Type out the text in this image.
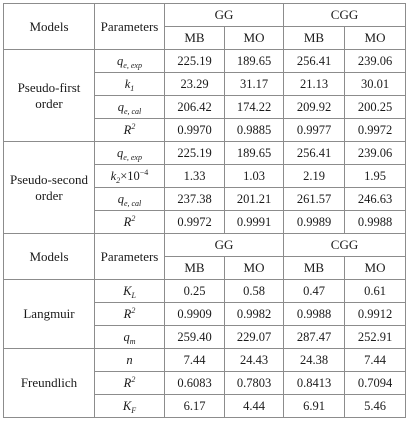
Models	Parameters	GG		CGG	
		MB	MO	MB	MO
Pseudo-first order	$q_{e, exp}$	225.19	189.65	256.41	239.06
	$k_1$	23.29	31.17	21.13	30.01
	$q_{e, cal}$	206.42	174.22	209.92	200.25
	$R^2$	0.9970	0.9885	0.9977	0.9972
Pseudo-second order	$q_{e, exp}$	225.19	189.65	256.41	239.06
	$k_2\times 10^{-4}$	1.33	1.03	2.19	1.95
	$q_{e, cal}$	237.38	201.21	261.57	246.63
	$R^2$	0.9972	0.9991	0.9989	0.9988
Models	Parameters	GG		CGG	
		MB	MO	MB	MO
Langmuir	$K_L$	0.25	0.58	0.47	0.61
	$R^2$	0.9909	0.9982	0.9988	0.9912
	$q_m$	259.40	229.07	287.47	252.91
Freundlich	n	7.44	24.43	24.38	7.44
	$R^2$	0.6083	0.7803	0.8413	0.7094
	$K_F$	6.17	4.44	6.91	5.46
